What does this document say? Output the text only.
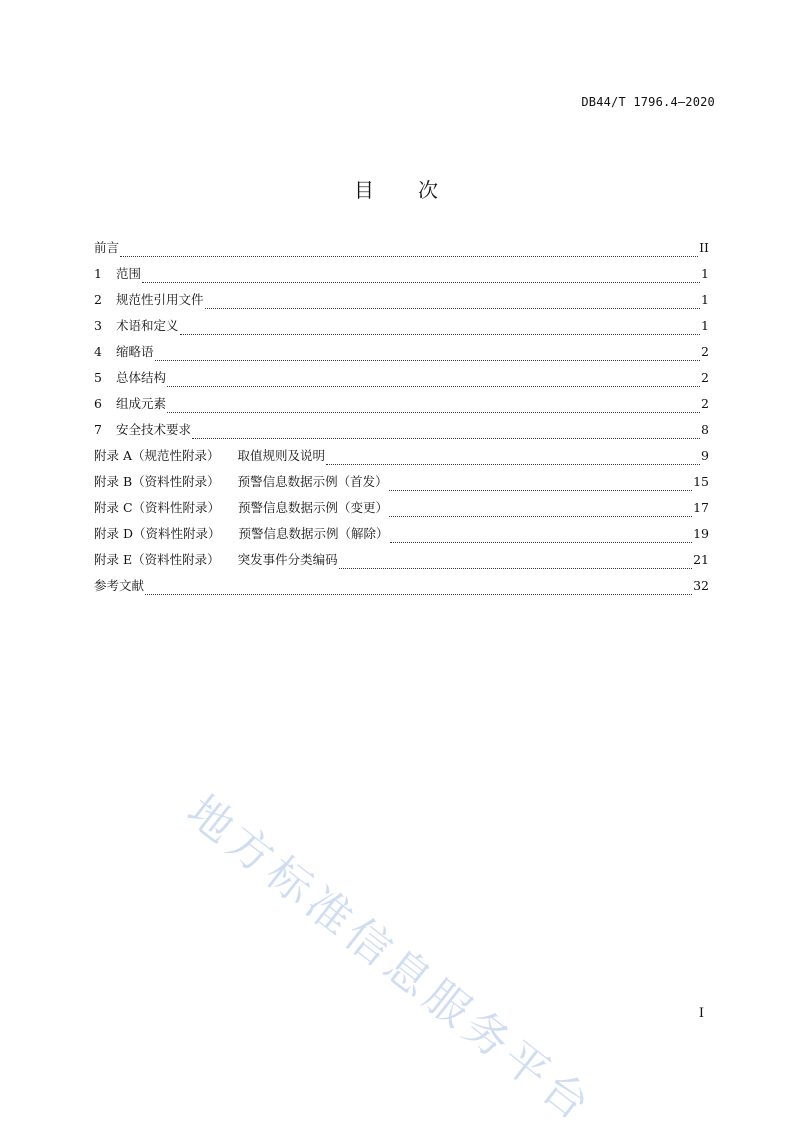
DB44/T 1796.4—2020
目 次
前言	II
1	范围	1
2	规范性引用文件	1
3	术语和定义	1
4	缩略语	2
5	总体结构	2
6	组成元素	2
7	安全技术要求	8
附录 A（规范性附录） 取值规则及说明	9
附录 B（资料性附录） 预警信息数据示例（首发）	15
附录 C（资料性附录） 预警信息数据示例（变更）	17
附录 D（资料性附录） 预警信息数据示例（解除）	19
附录 E（资料性附录） 突发事件分类编码	21
参考文献	32
地方标准信息服务平台	I
